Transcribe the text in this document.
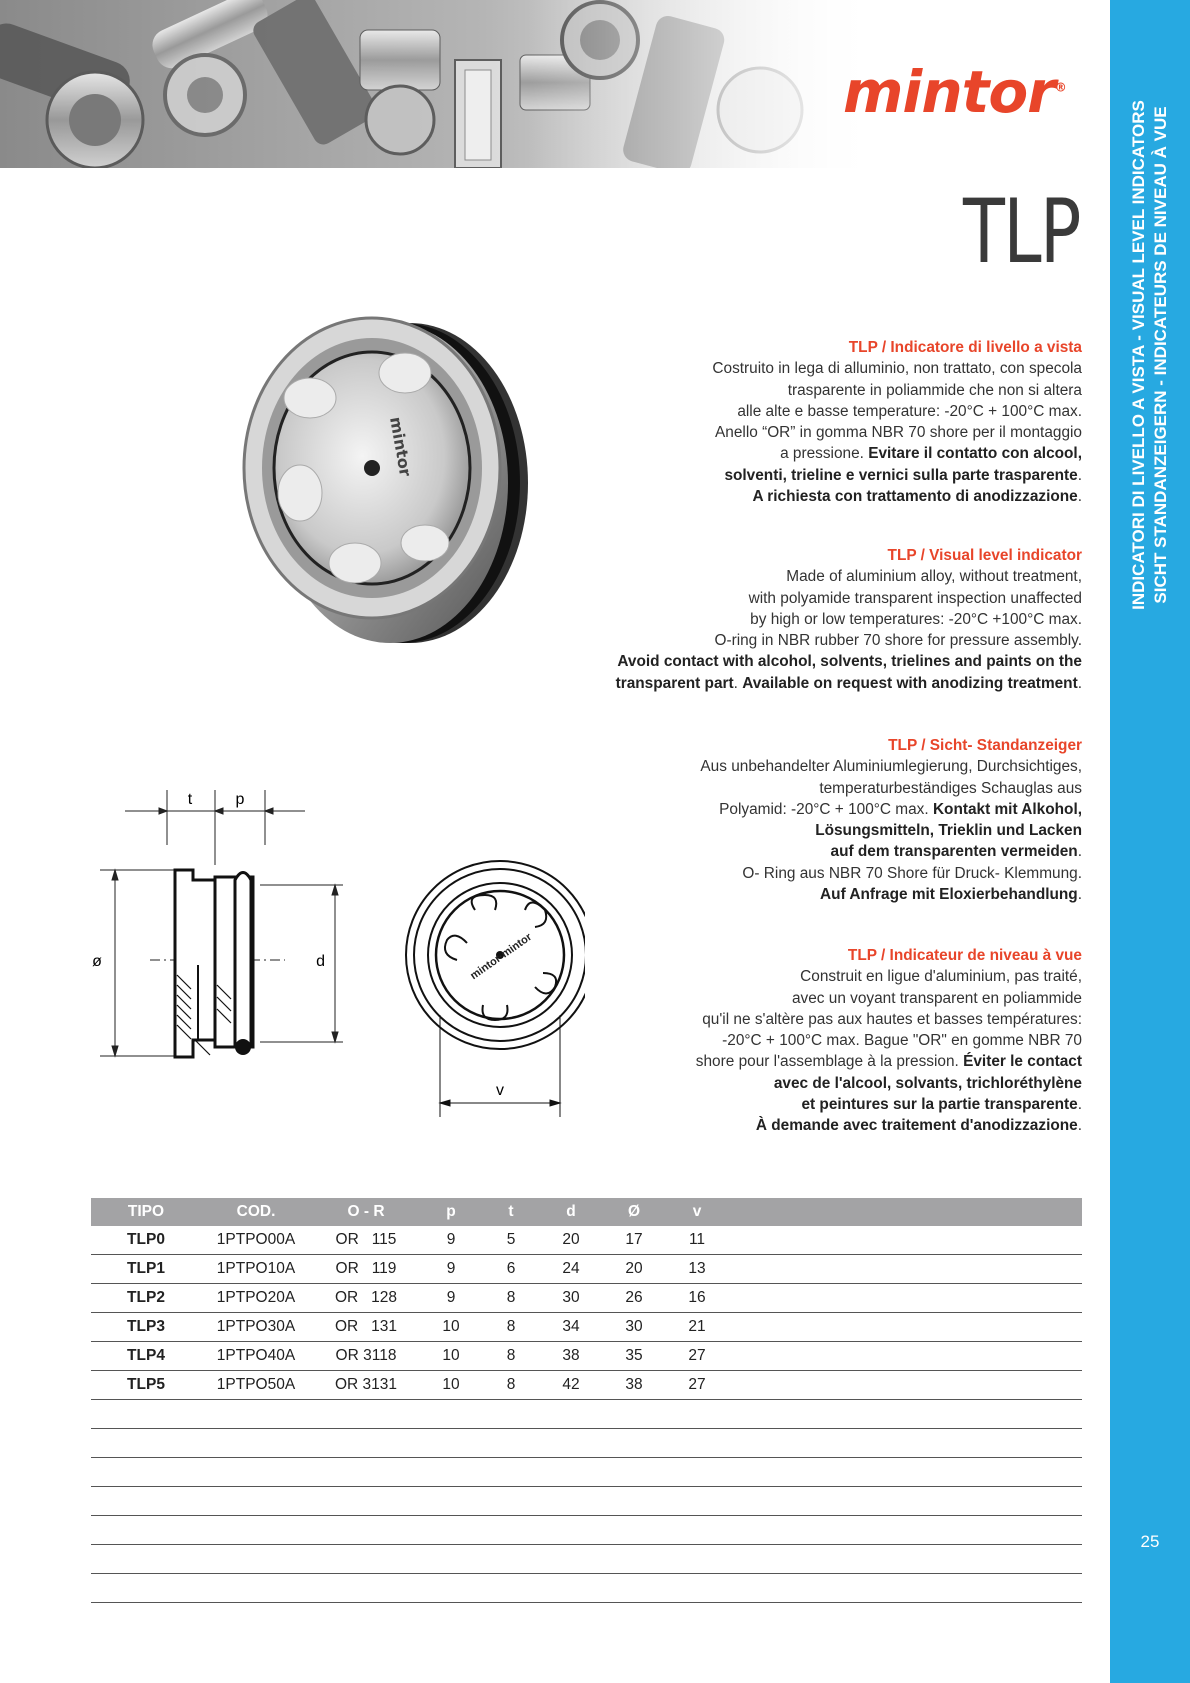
mintor®
TLP	INDICATORI DI LIVELLO A VISTA - VISUAL LEVEL INDICATORS SICHT STANDANZEIGERN - INDICATEURS DE NIVEAU À VUE
25
mintor
TLP / Indicatore di livello a vista

Costruito in lega di alluminio, non trattato, con specola

trasparente in poliammide che non si altera

alle alte e basse temperature: -20°C + 100°C max.

Anello “OR” in gomma NBR 70 shore per il montaggio

a pressione. Evitare il contatto con alcool,

solventi, trieline e vernici sulla parte trasparente.

A richiesta con trattamento di anodizzazione.

TLP / Visual level indicator

Made of aluminium alloy, without treatment,

with polyamide transparent inspection unaffected

by high or low temperatures: -20°C +100°C max.

O-ring in NBR rubber 70 shore for pressure assembly.

Avoid contact with alcohol, solvents, trielines and paints on the

transparent part. Available on request with anodizing treatment.

TLP / Sicht- Standanzeiger

Aus unbehandelter Aluminiumlegierung, Durchsichtiges,

temperaturbeständiges Schauglas aus

Polyamid: -20°C + 100°C max. Kontakt mit Alkohol,

Lösungsmitteln, Trieklin und Lacken

auf dem transparenten vermeiden.

O- Ring aus NBR 70 Shore für Druck- Klemmung.

Auf Anfrage mit Eloxierbehandlung.

TLP / Indicateur de niveau à vue

Construit en ligue d'aluminium, pas traité,

avec un voyant transparent en poliammide

qu'il ne s'altère pas aux hautes et basses températures:

-20°C + 100°C max. Bague "OR" en gomme NBR 70

shore pour l'assemblage à la pression. Éviter le contact

avec de l'alcool, solvants, trichloréthylène

et peintures sur la partie transparente.

À demande avec traitement d'anodizzazione.

t	p
ø	d	mintor·mintor
v
TIPO	COD.	O - R	p	t	d	Ø	v	
TLP0	1PTPO00A	OR   115	9	5	20	17	11	
TLP1	1PTPO10A	OR   119	9	6	24	20	13	
TLP2	1PTPO20A	OR   128	9	8	30	26	16	
TLP3	1PTPO30A	OR   131	10	8	34	30	21	
TLP4	1PTPO40A	OR 3118	10	8	38	35	27	
TLP5	1PTPO50A	OR 3131	10	8	42	38	27	
